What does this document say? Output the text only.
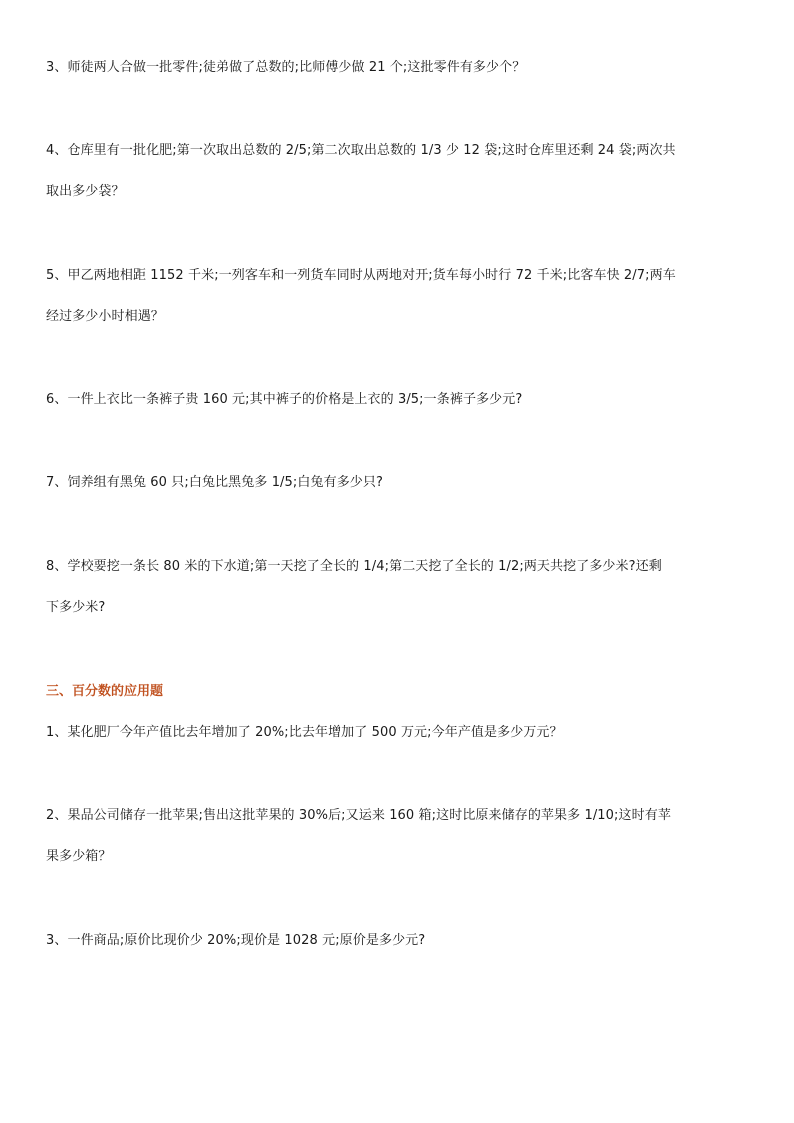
3、师徒两人合做一批零件;徒弟做了总数的;比师傅少做 21 个;这批零件有多少个？
4、仓库里有一批化肥;第一次取出总数的 2/5;第二次取出总数的 1/3 少 12 袋;这时仓库里还剩 24 袋;两次共
取出多少袋？
5、甲乙两地相距 1152 千米;一列客车和一列货车同时从两地对开;货车每小时行 72 千米;比客车快 2/7;两车
经过多少小时相遇？
6、一件上衣比一条裤子贵 160 元;其中裤子的价格是上衣的 3/5;一条裤子多少元?
7、饲养组有黑兔 60 只;白兔比黑兔多 1/5;白兔有多少只?
8、学校要挖一条长 80 米的下水道;第一天挖了全长的 1/4;第二天挖了全长的 1/2;两天共挖了多少米?还剩
下多少米?
三、百分数的应用题
1、某化肥厂今年产值比去年增加了 20%;比去年增加了 500 万元;今年产值是多少万元？
2、果品公司储存一批苹果;售出这批苹果的 30%后;又运来 160 箱;这时比原来储存的苹果多 1/10;这时有苹
果多少箱？
3、一件商品;原价比现价少 20%;现价是 1028 元;原价是多少元?
